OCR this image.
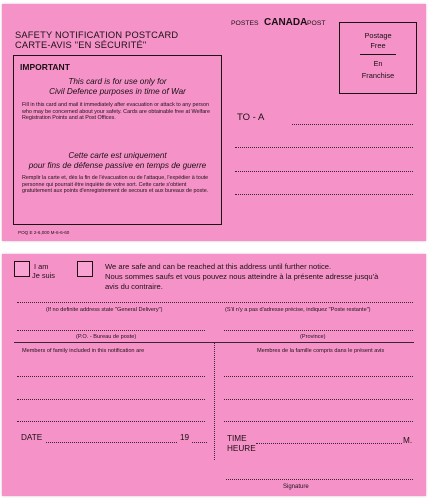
SAFETY NOTIFICATION POSTCARD
CARTE-AVIS "EN SÉCURITÉ"
POSTES CANADA POST
Postage
Free
En
Franchise
IMPORTANT
This card is for use only for
Civil Defence purposes in time of War
Fill in this card and mail it immediately after evacuation or attack to any person who may be concerned about your safety. Cards are obtainable free at Welfare Registration Points and at Post Offices.
Cette carte est uniquement
pour fins de défense passive en temps de guerre
Remplir la carte et, dès la fin de l'évacuation ou de l'attaque, l'expédier à toute personne qui pourrait être inquiète de votre sort. Cette carte s'obtient gratuitement aux points d'enregistrement de secours et aux bureaux de poste.
TO - A
POQ E 2-6,000 M-6-6-60
I am
Je suis
We are safe and can be reached at this address until further notice.
Nous sommes saufs et vous pouvez nous atteindre à la présente adresse jusqu'à
avis du contraire.
(If no definite address state "General Delivery")	(S'il n'y a pas d'adresse précise, indiquez "Poste restante")
(P.O. - Bureau de poste)	(Province)
Members of family included in this notification are	Membres de la famille compris dans le présent avis
DATE	19	TIME
HEURE
M.
Signature
